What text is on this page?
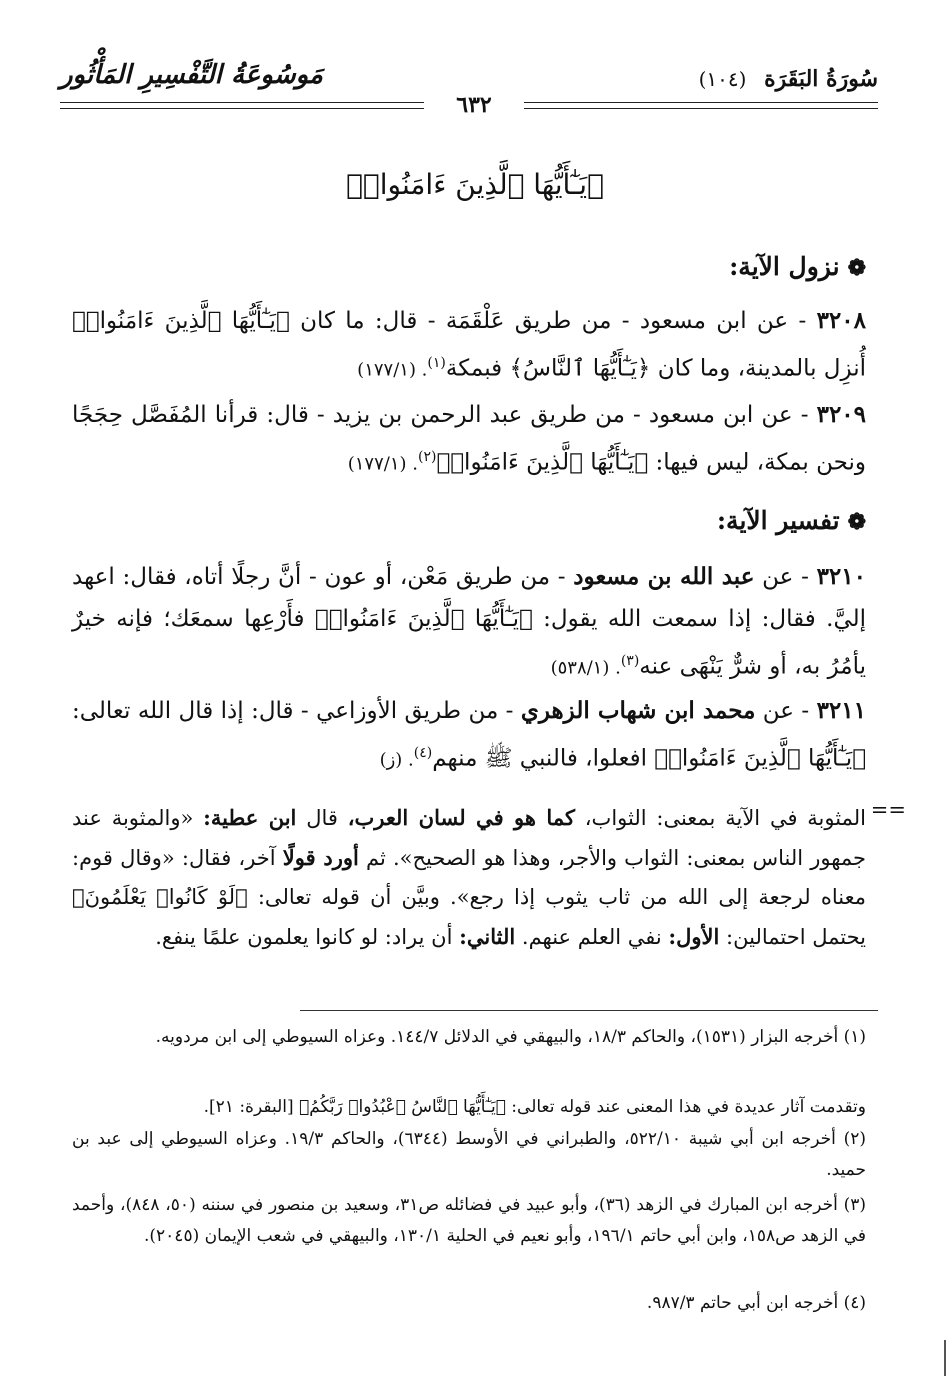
سُورَةُ البَقَرَة (١٠٤)
مَوسُوعَةُ التَّفْسِيرِ المَأْثُور
٦٣٢
﴿يَـٰٓأَيُّهَا ٱلَّذِينَ ءَامَنُوا۟﴾
❁نزول الآية:
٣٢٠٨ - عن ابن مسعود - من طريق عَلْقَمَة - قال: ما كان ﴿يَـٰٓأَيُّهَا ٱلَّذِينَ ءَامَنُوا۟﴾ أُنزِل بالمدينة، وما كان ﴿يَـٰٓأَيُّهَا ٱلنَّاسُ﴾ فبمكة$^{(١)}$. (١٧٧/١)
٣٢٠٩ - عن ابن مسعود - من طريق عبد الرحمن بن يزيد - قال: قرأنا المُفَصَّل حِجَجًا ونحن بمكة، ليس فيها: ﴿يَـٰٓأَيُّهَا ٱلَّذِينَ ءَامَنُوا۟﴾$^{(٢)}$. (١٧٧/١)
❁تفسير الآية:
٣٢١٠ - عن عبد الله بن مسعود - من طريق مَعْن، أو عون - أنَّ رجلًا أتاه، فقال: اعهد إليَّ. فقال: إذا سمعت الله يقول: ﴿يَـٰٓأَيُّهَا ٱلَّذِينَ ءَامَنُوا۟﴾ فأَرْعِها سمعَك؛ فإنه خيرٌ يأمُرُ به، أو شرٌّ يَنْهَى عنه$^{(٣)}$. (٥٣٨/١)
٣٢١١ - عن محمد ابن شهاب الزهري - من طريق الأوزاعي - قال: إذا قال الله تعالى: ﴿يَـٰٓأَيُّهَا ٱلَّذِينَ ءَامَنُوا۟﴾ افعلوا، فالنبي ﷺ منهم$^{(٤)}$. (ز)
==
المثوبة في الآية بمعنى: الثواب، كما هو في لسان العرب، قال ابن عطية: «والمثوبة عند جمهور الناس بمعنى: الثواب والأجر، وهذا هو الصحيح». ثم أورد قولًا آخر، فقال: «وقال قوم: معناه لرجعة إلى الله من ثاب يثوب إذا رجع». وبيَّن أن قوله تعالى: ﴿لَوْ كَانُوا۟ يَعْلَمُونَ﴾ يحتمل احتمالين: الأول: نفي العلم عنهم. الثاني: أن يراد: لو كانوا يعلمون علمًا ينفع.
(١) أخرجه البزار (١٥٣١)، والحاكم ١٨/٣، والبيهقي في الدلائل ١٤٤/٧. وعزاه السيوطي إلى ابن مردويه.
وتقدمت آثار عديدة في هذا المعنى عند قوله تعالى: ﴿يَـٰٓأَيُّهَا ٱلنَّاسُ ٱعْبُدُوا۟ رَبَّكُمُ﴾ [البقرة: ٢١].
(٢) أخرجه ابن أبي شيبة ٥٢٢/١٠، والطبراني في الأوسط (٦٣٤٤)، والحاكم ١٩/٣. وعزاه السيوطي إلى عبد بن حميد.
(٣) أخرجه ابن المبارك في الزهد (٣٦)، وأبو عبيد في فضائله ص٣١، وسعيد بن منصور في سننه (٥٠، ٨٤٨)، وأحمد في الزهد ص١٥٨، وابن أبي حاتم ١٩٦/١، وأبو نعيم في الحلية ١٣٠/١، والبيهقي في شعب الإيمان (٢٠٤٥).
(٤) أخرجه ابن أبي حاتم ٩٨٧/٣.
